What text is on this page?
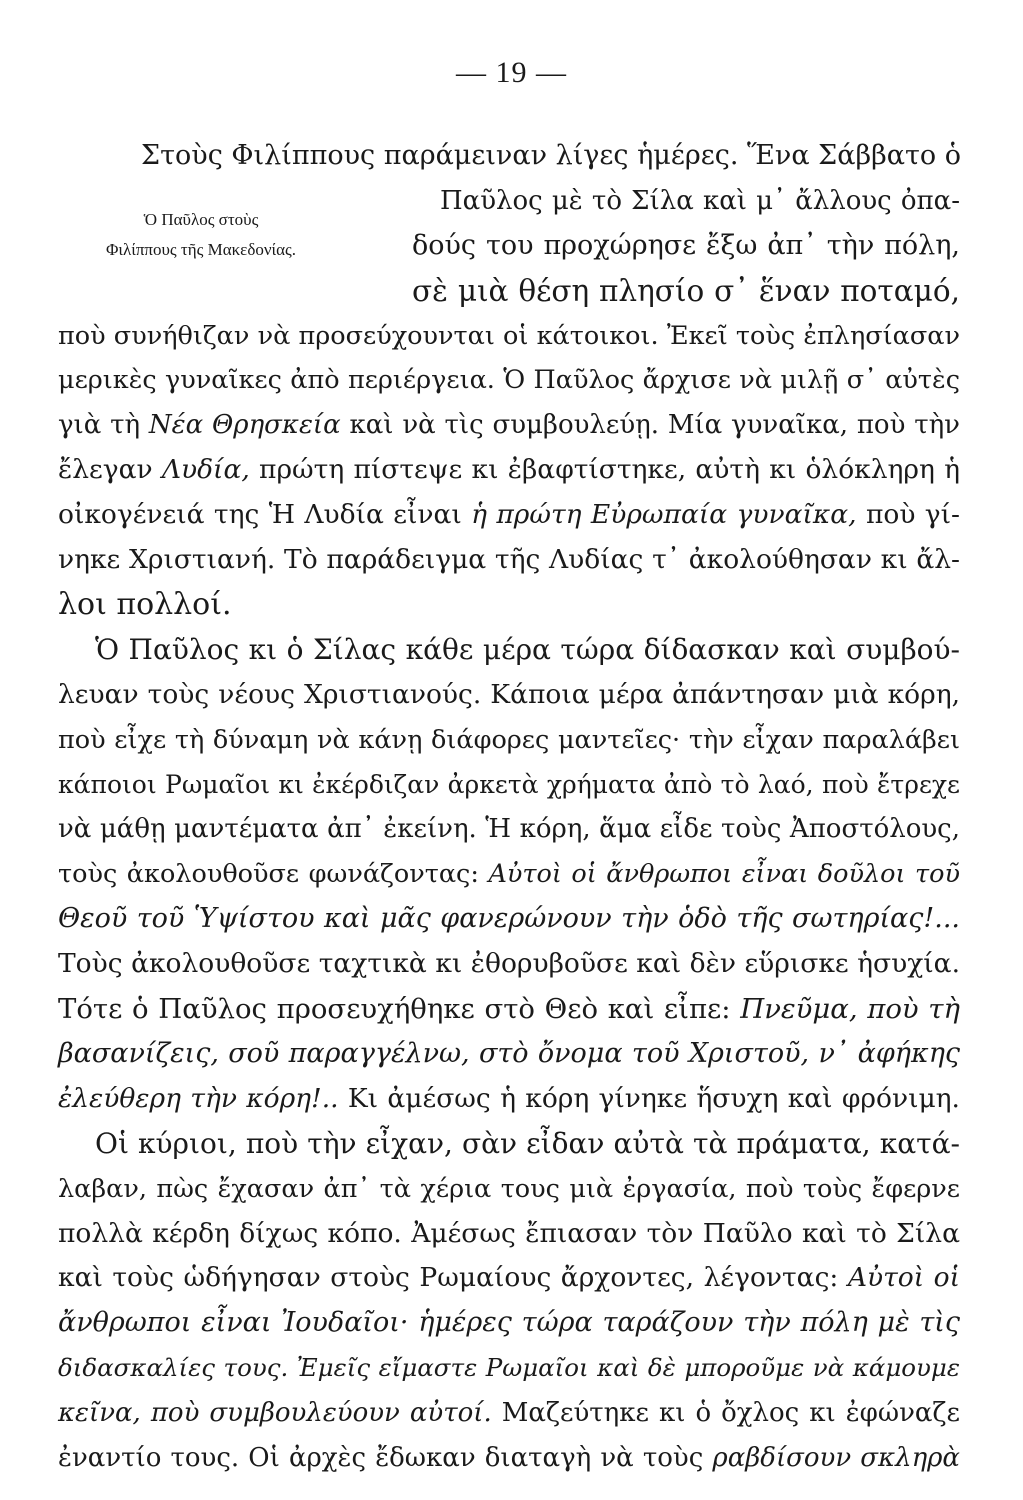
— 19 —
Ὁ Παῦλος στοὺς
Φιλίππους τῆς Μακεδονίας.
Στοὺς Φιλίππους παράμειναν λίγες ἡμέρες. Ἕνα Σάββατο ὁ
Παῦλος μὲ τὸ Σίλα καὶ μ᾽ ἄλλους ὀπα-
δούς του προχώρησε ἔξω ἀπ᾽ τὴν πόλη,
σὲ μιὰ θέση πλησίο σ᾽ ἕναν ποταμό,
ποὺ συνήθιζαν νὰ προσεύχουνται οἱ κάτοικοι. Ἐκεῖ τοὺς ἐπλησίασαν
μερικὲς γυναῖκες ἀπὸ περιέργεια. Ὁ Παῦλος ἄρχισε νὰ μιλῇ σ᾽ αὐτὲς
γιὰ τὴ Νέα Θρησκεία καὶ νὰ τὶς συμβουλεύῃ. Μία γυναῖκα, ποὺ τὴν
ἔλεγαν Λυδία, πρώτη πίστεψε κι ἐβαφτίστηκε, αὐτὴ κι ὁλόκληρη ἡ
οἰκογένειά της Ἡ Λυδία εἶναι ἡ πρώτη Εὐρωπαία γυναῖκα, ποὺ γί-
νηκε Χριστιανή. Τὸ παράδειγμα τῆς Λυδίας τ᾽ ἀκολούθησαν κι ἄλ-
λοι πολλοί.
Ὁ Παῦλος κι ὁ Σίλας κάθε μέρα τώρα δίδασκαν καὶ συμβού-
λευαν τοὺς νέους Χριστιανούς. Κάποια μέρα ἀπάντησαν μιὰ κόρη,
ποὺ εἶχε τὴ δύναμη νὰ κάνῃ διάφορες μαντεῖες· τὴν εἶχαν παραλάβει
κάποιοι Ρωμαῖοι κι ἐκέρδιζαν ἀρκετὰ χρήματα ἀπὸ τὸ λαό, ποὺ ἔτρεχε
νὰ μάθῃ μαντέματα ἀπ᾽ ἐκείνη. Ἡ κόρη, ἅμα εἶδε τοὺς Ἀποστόλους,
τοὺς ἀκολουθοῦσε φωνάζοντας: Αὐτοὶ οἱ ἄνθρωποι εἶναι δοῦλοι τοῦ
Θεοῦ τοῦ Ὑψίστου καὶ μᾶς φανερώνουν τὴν ὁδὸ τῆς σωτηρίας!...
Τοὺς ἀκολουθοῦσε ταχτικὰ κι ἐθορυβοῦσε καὶ δὲν εὕρισκε ἡσυχία.
Τότε ὁ Παῦλος προσευχήθηκε στὸ Θεὸ καὶ εἶπε: Πνεῦμα, ποὺ τὴ
βασανίζεις, σοῦ παραγγέλνω, στὸ ὄνομα τοῦ Χριστοῦ, ν᾽ ἀφήκης
ἐλεύθερη τὴν κόρη!.. Κι ἀμέσως ἡ κόρη γίνηκε ἥσυχη καὶ φρόνιμη.
Οἱ κύριοι, ποὺ τὴν εἶχαν, σὰν εἶδαν αὐτὰ τὰ πράματα, κατά-
λαβαν, πὼς ἔχασαν ἀπ᾽ τὰ χέρια τους μιὰ ἐργασία, ποὺ τοὺς ἔφερνε
πολλὰ κέρδη δίχως κόπο. Ἀμέσως ἔπιασαν τὸν Παῦλο καὶ τὸ Σίλα
καὶ τοὺς ὡδήγησαν στοὺς Ρωμαίους ἄρχοντες, λέγοντας: Αὐτοὶ οἱ
ἄνθρωποι εἶναι Ἰουδαῖοι· ἡμέρες τώρα ταράζουν τὴν πόλη μὲ τὶς
διδασκαλίες τους. Ἐμεῖς εἴμαστε Ρωμαῖοι καὶ δὲ μποροῦμε νὰ κάμουμε
κεῖνα, ποὺ συμβουλεύουν αὐτοί. Μαζεύτηκε κι ὁ ὄχλος κι ἐφώναζε
ἐναντίο τους. Οἱ ἀρχὲς ἔδωκαν διαταγὴ νὰ τοὺς ραβδίσουν σκληρὰ
